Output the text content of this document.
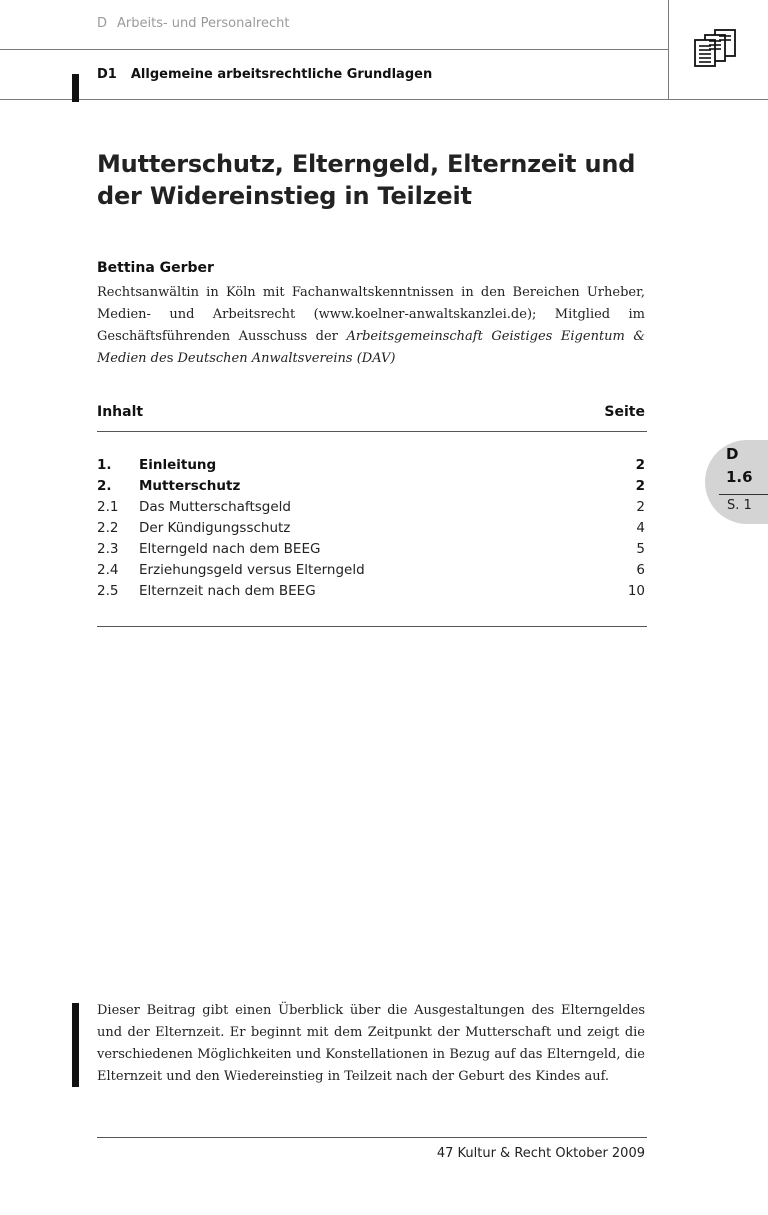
D Arbeits- und Personalrecht
D1 Allgemeine arbeitsrechtliche Grundlagen
Mutterschutz, Elterngeld, Elternzeit und
der Widereinstieg in Teilzeit
Bettina Gerber
Rechtsanwältin in Köln mit Fachanwaltskenntnissen in den Bereichen Urheber, Medien- und Arbeitsrecht (www.koelner-anwaltskanzlei.de); Mitglied im Geschäftsführenden Ausschuss der Arbeitsgemeinschaft Geistiges Eigentum & Medien des Deutschen Anwaltsvereins (DAV)
Inhalt	Seite
1. Einleitung	2
2. Mutterschutz	2
2.1 Das Mutterschaftsgeld	2
2.2 Der Kündigungsschutz	4
2.3 Elterngeld nach dem BEEG	5
2.4 Erziehungsgeld versus Elterngeld	6
2.5 Elternzeit nach dem BEEG	10
D
1.6
S. 1
Dieser Beitrag gibt einen Überblick über die Ausgestaltungen des Elterngeldes und der Elternzeit. Er beginnt mit dem Zeitpunkt der Mutterschaft und zeigt die verschiedenen Möglichkeiten und Konstellationen in Bezug auf das Elterngeld, die Elternzeit und den Wiedereinstieg in Teilzeit nach der Geburt des Kindes auf.
47 Kultur & Recht Oktober 2009
